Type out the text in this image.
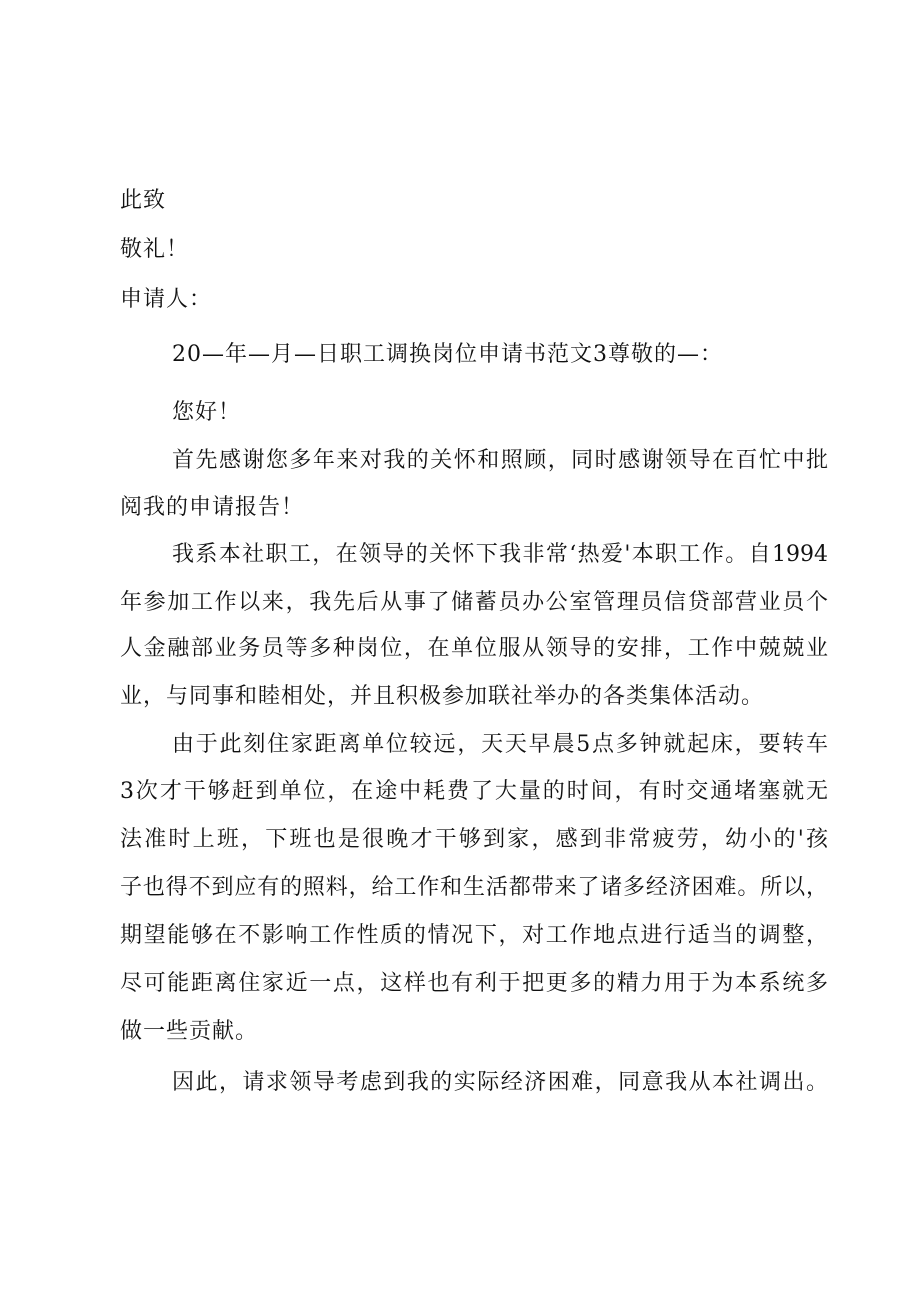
此致
敬礼！
申请人：
20—年—月—日职工调换岗位申请书范文3尊敬的—：
您好！
首先感谢您多年来对我的关怀和照顾，同时感谢领导在百忙中批
阅我的申请报告！
我系本社职工，在领导的关怀下我非常‘热爱'本职工作。自1994
年参加工作以来，我先后从事了储蓄员办公室管理员信贷部营业员个
人金融部业务员等多种岗位，在单位服从领导的安排，工作中兢兢业
业，与同事和睦相处，并且积极参加联社举办的各类集体活动。
由于此刻住家距离单位较远，天天早晨5点多钟就起床，要转车
3次才干够赶到单位，在途中耗费了大量的时间，有时交通堵塞就无
法准时上班，下班也是很晚才干够到家，感到非常疲劳，幼小的'孩
子也得不到应有的照料，给工作和生活都带来了诸多经济困难。所以，
期望能够在不影响工作性质的情况下，对工作地点进行适当的调整，
尽可能距离住家近一点，这样也有利于把更多的精力用于为本系统多
做一些贡献。
因此，请求领导考虑到我的实际经济困难，同意我从本社调出。
